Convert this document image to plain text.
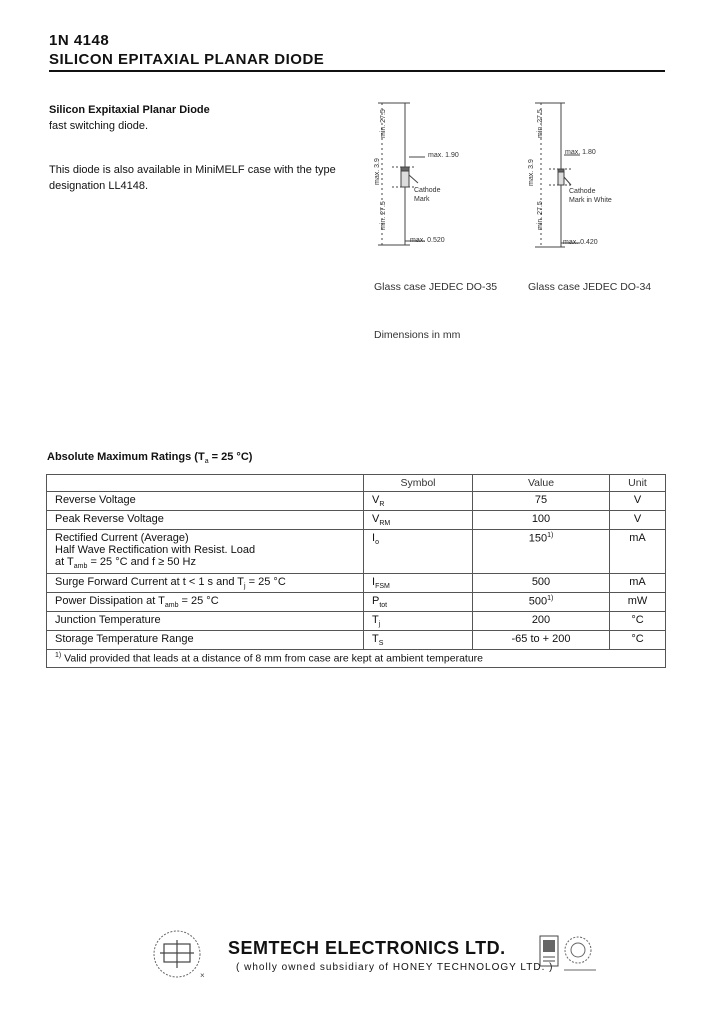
1N 4148
SILICON EPITAXIAL PLANAR DIODE
Silicon Expitaxial Planar Diode
fast switching diode.
This diode is also available in MiniMELF case with the type
designation LL4148.
min. 27.5
max. 3.9
min. 27.5
max. 1.90
Cathode
Mark
max. 0.520
Glass case JEDEC DO-35
min. 27.5
max. 3.9
min. 27.5
max. 1.80
Cathode
Mark in White
max. 0.420
Glass case JEDEC DO-34
Dimensions in mm
Absolute Maximum Ratings ($T_a = 25$ °C)
	Symbol	Value	Unit
Reverse Voltage	$V_R$	75	V
Peak Reverse Voltage	$V_{RM}$	100	V

Rectified Current (Average)
Half Wave Rectification with Resist. Load
at $T_{amb} = 25$ °C and f ≥ 50 Hz	$I_o$	150$^{1)}$	mA
Surge Forward Current at t < 1 s and $T_j = 25$ °C	$I_{FSM}$	500	mA
Power Dissipation at $T_{amb} = 25$ °C	$P_{tot}$	500$^{1)}$	mW
Junction Temperature	$T_j$	200	°C
Storage Temperature Range	$T_S$	-65 to + 200	°C
$^{1)}$ Valid provided that leads at a distance of 8 mm from case are kept at ambient temperature			
×
SEMTECH ELECTRONICS LTD.
( wholly owned subsidiary of HONEY TECHNOLOGY LTD. )
